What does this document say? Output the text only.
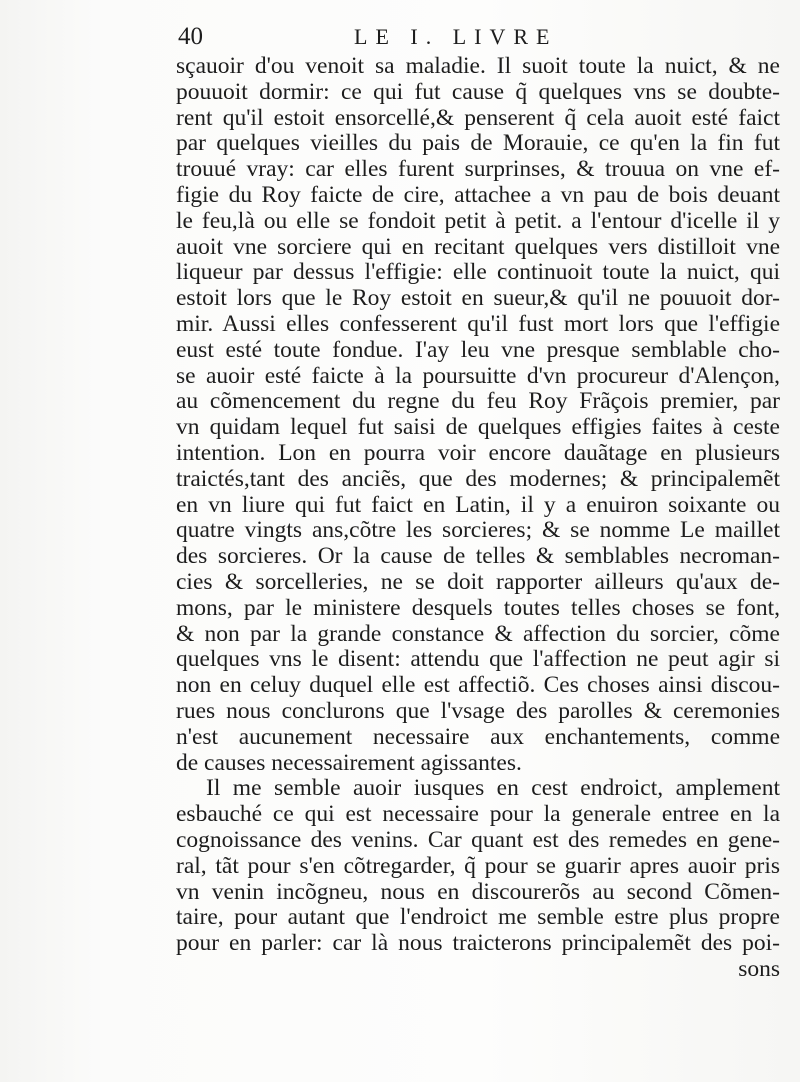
40	LE I. LIVRE
sçauoir d'ou venoit sa maladie. Il suoit toute la nuict, & ne
pouuoit dormir: ce qui fut cause q̃ quelques vns se doubte-
rent qu'il estoit ensorcellé,& penserent q̃ cela auoit esté faict
par quelques vieilles du pais de Morauie, ce qu'en la fin fut
trouué vray: car elles furent surprinses, & trouua on vne ef-
figie du Roy faicte de cire, attachee a vn pau de bois deuant
le feu,là ou elle se fondoit petit à petit. a l'entour d'icelle il y
auoit vne sorciere qui en recitant quelques vers distilloit vne
liqueur par dessus l'effigie: elle continuoit toute la nuict, qui
estoit lors que le Roy estoit en sueur,& qu'il ne pouuoit dor-
mir. Aussi elles confesserent qu'il fust mort lors que l'effigie
eust esté toute fondue. I'ay leu vne presque semblable cho-
se auoir esté faicte à la poursuitte d'vn procureur d'Alençon,
au cõmencement du regne du feu Roy Frãçois premier, par
vn quidam lequel fut saisi de quelques effigies faites à ceste
intention. Lon en pourra voir encore dauãtage en plusieurs
traictés,tant des anciẽs, que des modernes; & principalemẽt
en vn liure qui fut faict en Latin, il y a enuiron soixante ou
quatre vingts ans,cõtre les sorcieres; & se nomme Le maillet
des sorcieres. Or la cause de telles & semblables necroman-
cies & sorcelleries, ne se doit rapporter ailleurs qu'aux de-
mons, par le ministere desquels toutes telles choses se font,
& non par la grande constance & affection du sorcier, cõme
quelques vns le disent: attendu que l'affection ne peut agir si
non en celuy duquel elle est affectiõ. Ces choses ainsi discou-
rues nous conclurons que l'vsage des parolles & ceremonies
n'est aucunement necessaire aux enchantements, comme
de causes necessairement agissantes.
Il me semble auoir iusques en cest endroict, amplement
esbauché ce qui est necessaire pour la generale entree en la
cognoissance des venins. Car quant est des remedes en gene-
ral, tãt pour s'en cõtregarder, q̃ pour se guarir apres auoir pris
vn venin incõgneu, nous en discourerõs au second Cõmen-
taire, pour autant que l'endroict me semble estre plus propre
pour en parler: car là nous traicterons principalemẽt des poi-
sons
